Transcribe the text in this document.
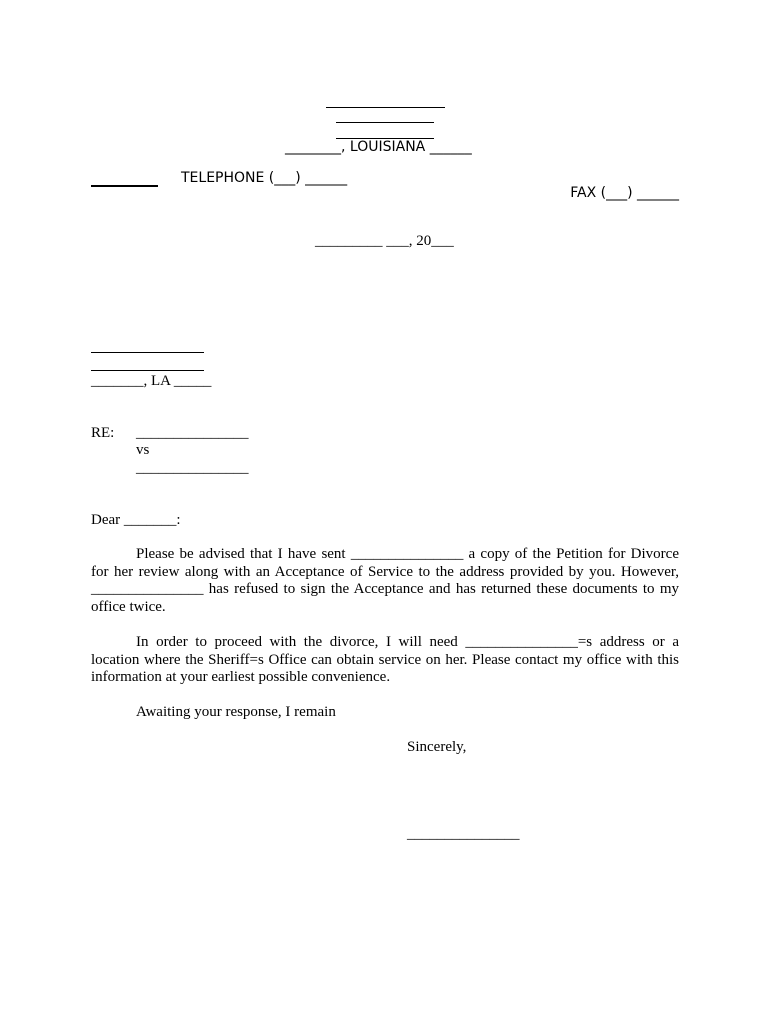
________, LOUISIANA ______
TELEPHONE (___) ______
FAX (___) ______
_________ ___, 20___
_______, LA _____
RE: _______________
vs
_______________
Dear _______:

Please be advised that I have sent _______________ a copy of the Petition for Divorce for her review along with an Acceptance of Service to the address provided by you. However, _______________ has refused to sign the Acceptance and has returned these documents to my office twice.

In order to proceed with the divorce, I will need _______________=s address or a location where the Sheriff=s Office can obtain service on her. Please contact my office with this information at your earliest possible convenience.

Awaiting your response, I remain

Sincerely,
_______________
